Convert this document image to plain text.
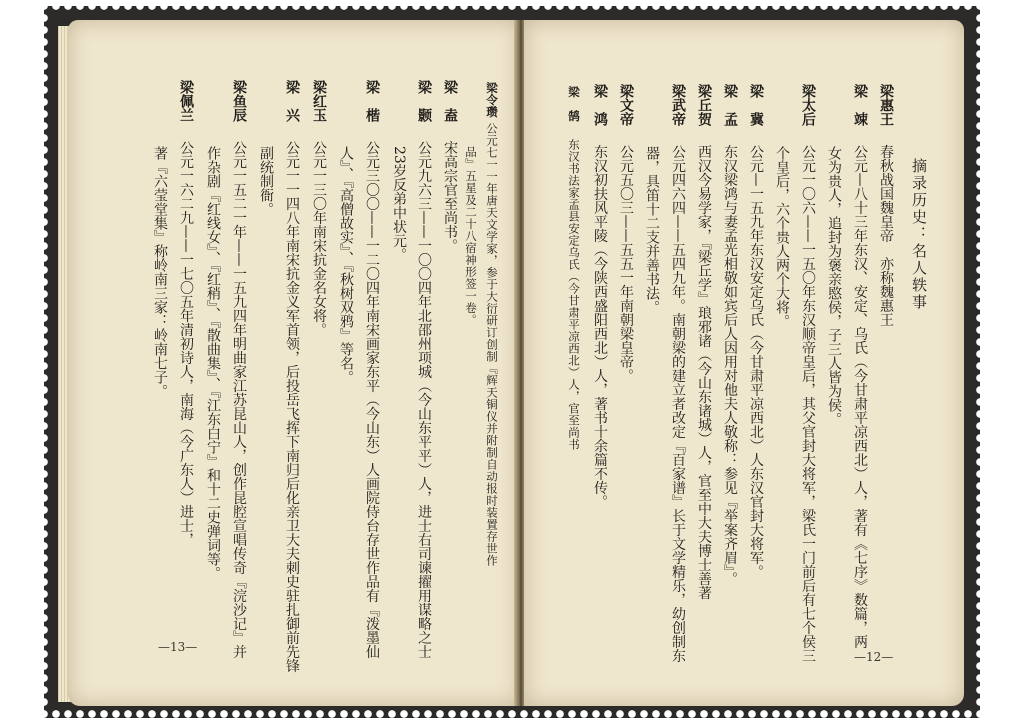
梁令瓒 公元七一一年唐天文学家，参于大衍研订创制『辉天铜仪并附制自动报时装置存世作
品』五星及二十八宿神形签一卷。
梁　盍　 宋高宗官至尚书。
梁　颢　 公元九六三——一〇〇四年北邵州项城（今山东平平）人，进士右司谏擢用谋略之士
23岁反弟中状元。
梁　楷　 公元三〇〇——一二〇四年南宋画家东平（今山东）人画院侍台存世作品有『泼墨仙
人』、『高僧故实』、『秋树双鸦』等名。
梁红玉　 公元一三〇年南宋抗金名女将。
梁　兴　 公元一一四八年南宋抗金义军首领，后投岳飞挥下南归后化亲卫大夫刺史驻扎御前先锋
副统制衙。
梁鱼辰　 公元一五二一年——一五九四年明曲家江苏昆山人，创作昆腔宣唱传奇『浣沙记』并
作杂剧『红线女』、『红稍』、『散曲集』、『江东白宁』和十二史弹词等。
梁佩兰　 公元一六二九——一七〇五年清初诗人，南海（今广东人）进士，
著『六莹堂集』称岭南三家：岭南七子。
—13—
摘录历史：名人轶事
梁惠王　 春秋战国魏皇帝　亦称魏惠王
梁　竦　 公元—八十三年东汉、安定、乌氏（今甘肃平凉西北）人，著有《七序》数篇，两
女为贵人，追封为褒亲愍侯，子三人皆为侯。
梁太后　 公元一〇六——一五〇年东汉顺帝皇后，其父官封大将军，梁氏一门前后有七个侯三
个皇后，六个贵人两个大将。
梁　冀　 公元—一五九年东汉安定乌氏（今甘肃平凉西北）人东汉官封大将军。
梁　孟　 东汉梁鸿与妻孟光相敬如宾后人因用对他夫人敬称：参见『举案齐眉』。
梁丘贺　 西汉今易学家，『梁丘学』琅邪诸（今山东诸城）人，官至中大夫博士善著
梁武帝　 公元四六四——五四九年。南朝梁的建立者改定『百家谱』长于文学精乐，幼创制东
器，具笛十二支并善书法。
梁文帝　 公元五〇三——五五一年南朝梁皇帝。
梁　鸿　 东汉初扶风平陵（今陕西盛阳西北）人，著书十余篇不传。
梁　鹄　 东汉书法家孟县安定乌氏（今甘肃平凉西北）人，官至尚书
—12—
